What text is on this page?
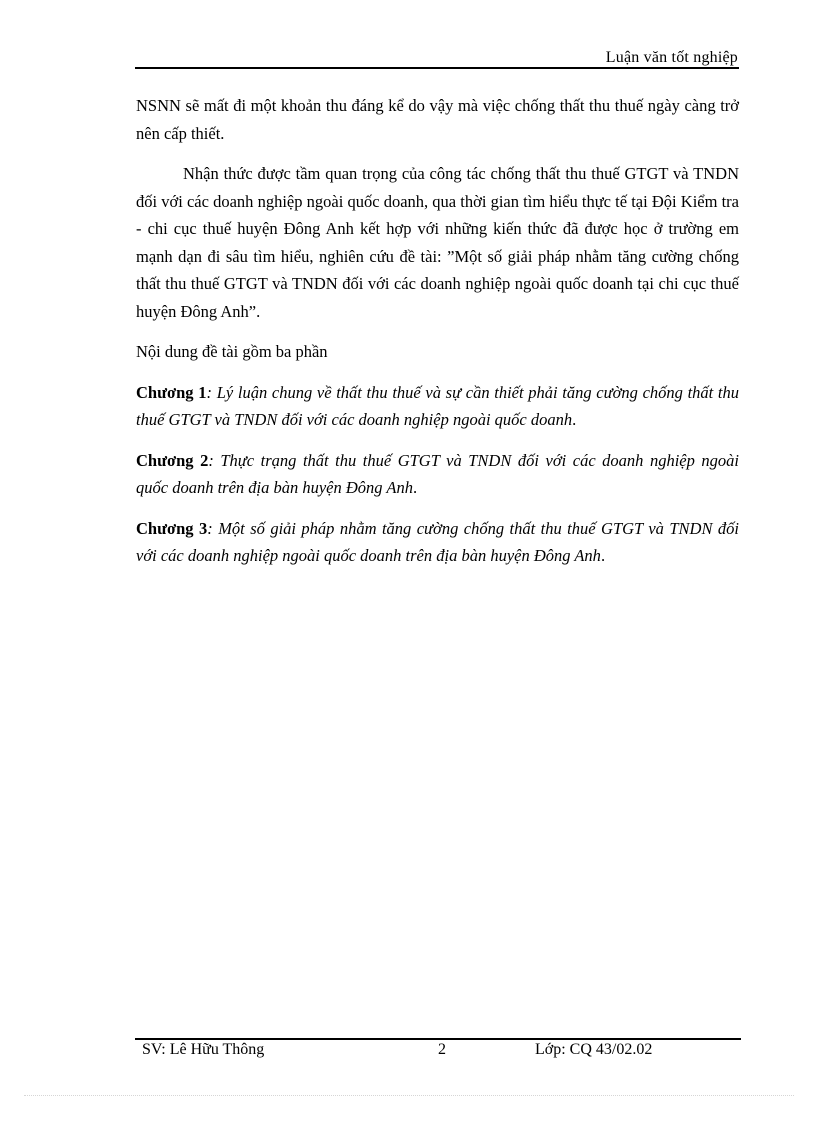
Luận văn tốt nghiệp

NSNN sẽ mất đi một khoản thu đáng kể do vậy mà việc chống thất thu thuế ngày càng trở nên cấp thiết.

Nhận thức được tầm quan trọng của công tác chống thất thu thuế GTGT và TNDN đối với các doanh nghiệp ngoài quốc doanh, qua thời gian tìm hiểu thực tế tại Đội Kiểm tra - chi cục thuế huyện Đông Anh kết hợp với những kiến thức đã được học ở trường em mạnh dạn đi sâu tìm hiểu, nghiên cứu đề tài: ”Một số giải pháp nhằm tăng cường chống thất thu thuế GTGT và TNDN đối với các doanh nghiệp ngoài quốc doanh tại chi cục thuế huyện Đông Anh”.

Nội dung đề tài gồm ba phần

Chương 1: Lý luận chung về thất thu thuế và sự cần thiết phải tăng cường chống thất thu thuế GTGT và TNDN đối với các doanh nghiệp ngoài quốc doanh.

Chương 2: Thực trạng thất thu thuế GTGT và TNDN đối với các doanh nghiệp ngoài quốc doanh trên địa bàn huyện Đông Anh.

Chương 3: Một số giải pháp nhằm tăng cường chống thất thu thuế GTGT và TNDN đối với các doanh nghiệp ngoài quốc doanh trên địa bàn huyện Đông Anh.

SV: Lê Hữu Thông	2	Lớp: CQ 43/02.02
